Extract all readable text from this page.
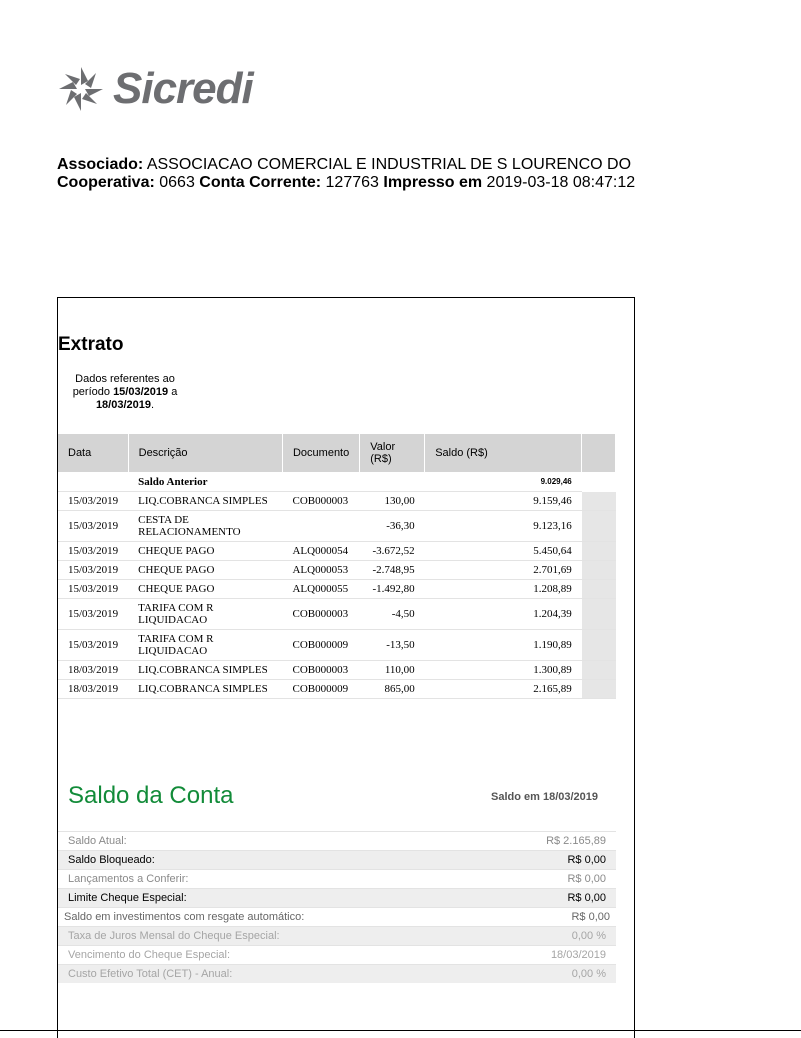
Sicredi
Associado: ASSOCIACAO COMERCIAL E INDUSTRIAL DE S LOURENCO DO
Cooperativa: 0663 Conta Corrente: 127763 Impresso em 2019-03-18 08:47:12
Extrato
Dados referentes ao período 15/03/2019 a 18/03/2019.
Data	Descrição	Documento	Valor (R$)	Saldo (R$)	
	Saldo Anterior			9.029,46	
15/03/2019	LIQ.COBRANCA SIMPLES	COB000003	130,00	9.159,46	
15/03/2019	CESTA DE RELACIONAMENTO		-36,30	9.123,16	
15/03/2019	CHEQUE PAGO	ALQ000054	-3.672,52	5.450,64	
15/03/2019	CHEQUE PAGO	ALQ000053	-2.748,95	2.701,69	
15/03/2019	CHEQUE PAGO	ALQ000055	-1.492,80	1.208,89	
15/03/2019	TARIFA COM R LIQUIDACAO	COB000003	-4,50	1.204,39	
15/03/2019	TARIFA COM R LIQUIDACAO	COB000009	-13,50	1.190,89	
18/03/2019	LIQ.COBRANCA SIMPLES	COB000003	110,00	1.300,89	
18/03/2019	LIQ.COBRANCA SIMPLES	COB000009	865,00	2.165,89	
Saldo da Conta	Saldo em 18/03/2019
Saldo Atual:	R$ 2.165,89
Saldo Bloqueado:	R$ 0,00
Lançamentos a Conferir:	R$ 0,00
Limite Cheque Especial:	R$ 0,00
Saldo em investimentos com resgate automático:	R$ 0,00
Taxa de Juros Mensal do Cheque Especial:	0,00 %
Vencimento do Cheque Especial:	18/03/2019
Custo Efetivo Total (CET) - Anual:	0,00 %
